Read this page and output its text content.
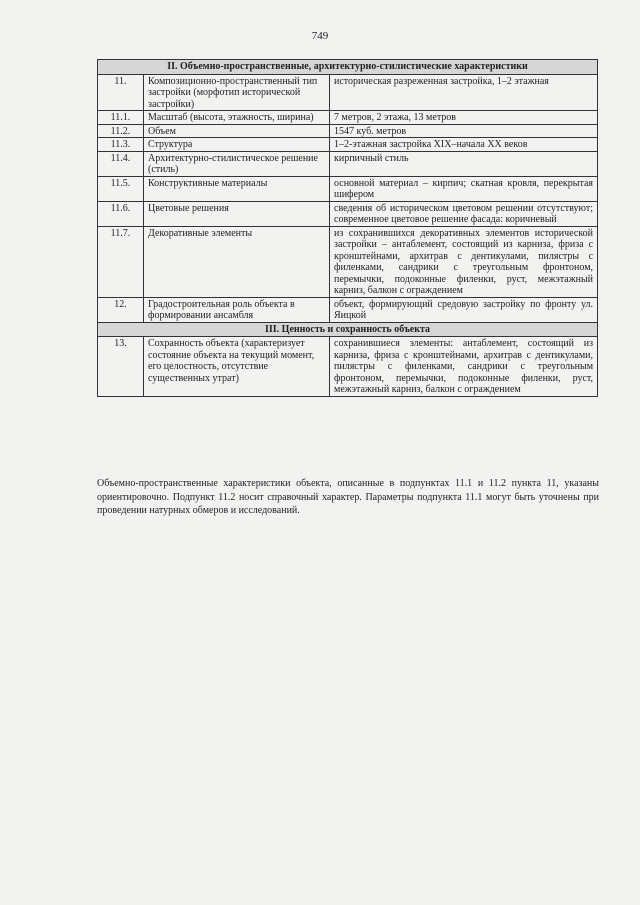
749
II. Объемно-пространственные, архитектурно-стилистические характеристики		
11.	Композиционно-пространственный тип застройки (морфотип исторической застройки)	историческая разреженная застройка, 1–2 этажная
11.1.	Масштаб (высота, этажность, ширина)	7 метров, 2 этажа, 13 метров
11.2.	Объем	1547 куб. метров
11.3.	Структура	1–2-этажная застройка XIX–начала XX веков
11.4.	Архитектурно-стилистическое решение (стиль)	кирпичный стиль
11.5.	Конструктивные материалы	основной материал – кирпич; скатная кровля, перекрытая шифером
11.6.	Цветовые решения	сведения об историческом цветовом решении отсутствуют; современное цветовое решение фасада: коричневый
11.7.	Декоративные элементы	из сохранившихся декоративных элементов исторической застройки – антаблемент, состоящий из карниза, фриза с кронштейнами, архитрав с дентикулами, пилястры с филенками, сандрики с треугольным фронтоном, перемычки, подоконные филенки, руст, межэтажный карниз, балкон с ограждением
12.	Градостроительная роль объекта в формировании ансамбля	объект, формирующий средовую застройку по фронту ул. Яицкой
III. Ценность и сохранность объекта		
13.	Сохранность объекта (характеризует состояние объекта на текущий момент, его целостность, отсутствие существенных утрат)	сохранившиеся элементы: антаблемент, состоящий из карниза, фриза с кронштейнами, архитрав с дентикулами, пилястры с филенками, сандрики с треугольным фронтоном, перемычки, подоконные филенки, руст, межэтажный карниз, балкон с ограждением

Объемно-пространственные характеристики объекта, описанные в подпунктах 11.1 и 11.2 пункта 11, указаны ориентировочно. Подпункт 11.2 носит справочный характер. Параметры подпункта 11.1 могут быть уточнены при проведении натурных обмеров и исследований.
